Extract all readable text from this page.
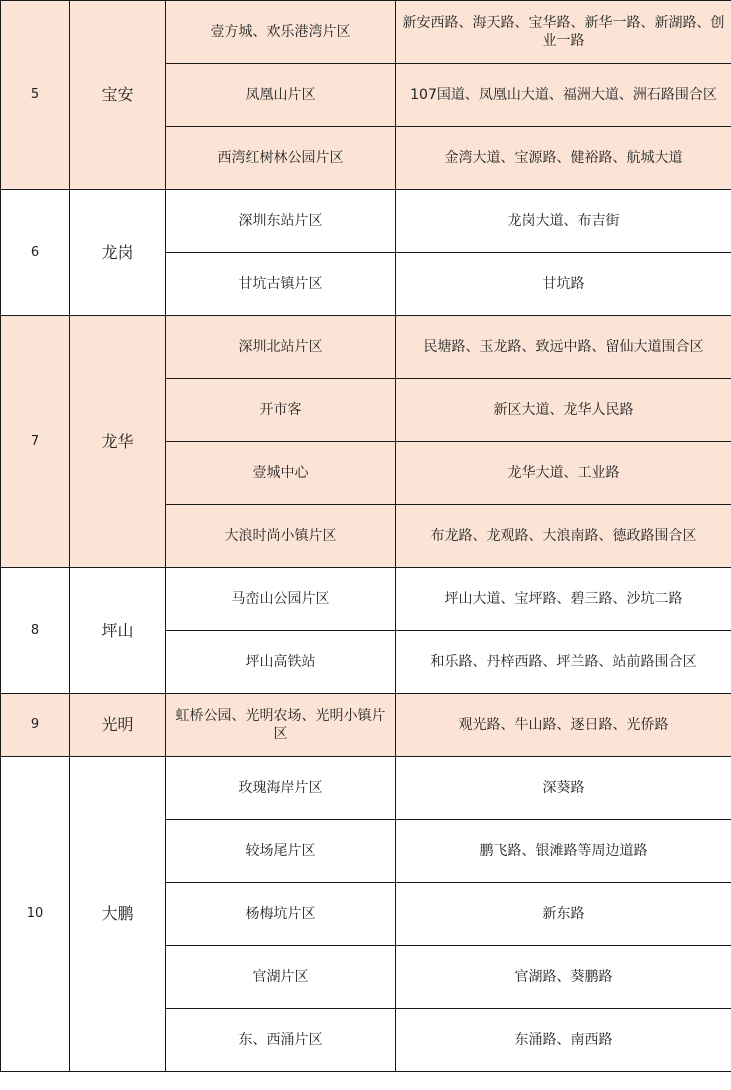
5	宝安	壹方城、欢乐港湾片区	新安西路、海天路、宝华路、新华一路、新湖路、创业一路
		凤凰山片区	107国道、凤凰山大道、福洲大道、洲石路围合区
		西湾红树林公园片区	金湾大道、宝源路、健裕路、航城大道
6	龙岗	深圳东站片区	龙岗大道、布吉街
		甘坑古镇片区	甘坑路
7	龙华	深圳北站片区	民塘路、玉龙路、致远中路、留仙大道围合区
		开市客	新区大道、龙华人民路
		壹城中心	龙华大道、工业路
		大浪时尚小镇片区	布龙路、龙观路、大浪南路、德政路围合区
8	坪山	马峦山公园片区	坪山大道、宝坪路、碧三路、沙坑二路
		坪山高铁站	和乐路、丹梓西路、坪兰路、站前路围合区
9	光明	虹桥公园、光明农场、光明小镇片区	观光路、牛山路、逐日路、光侨路
10	大鹏	玫瑰海岸片区	深葵路
		较场尾片区	鹏飞路、银滩路等周边道路
		杨梅坑片区	新东路
		官湖片区	官湖路、葵鹏路
		东、西涌片区	东涌路、南西路
